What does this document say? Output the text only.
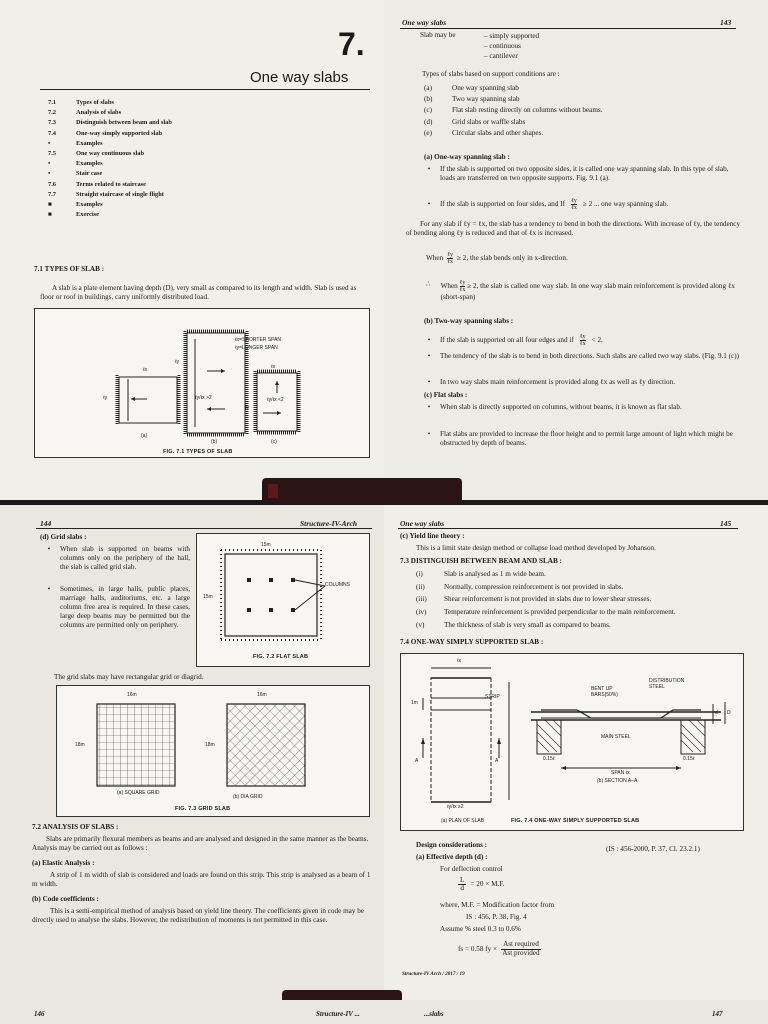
7.
One way slabs
7.1	Types of slabs
7.2	Analysis of slabs
7.3	Distinguish between beam and slab
7.4	One-way simply supported slab
•	Examples
7.5	One way continuous slab
•	Examples
•	Stair case
7.6	Terms related to staircase
7.7	Straight staircase of single flight
■	Examples
■	Exercise
7.1 TYPES OF SLAB :
A slab is a plate element having depth (D), very small as compared to its length and width. Slab is used as floor or roof in buildings, carry uniformly distributed load.
ℓx=SHORTER SPAN
ℓy=LONGER SPAN
ℓx
ℓy
ℓy
ℓy/ℓx >2
ℓx
ℓy/ℓx <2
ℓy
(a)
(b)	(c)
FIG. 7.1 TYPES OF SLAB
One way slabs	143
Slab may be	– simply supported
– continuous
– cantilever
Types of slabs based on support conditions are :
(a)	One way spanning slab
(b)	Two way spanning slab
(c)	Flat slab resting directly on columns without beams.
(d)	Grid slabs or waffle slabs
(e)	Circular slabs and other shapes.
(a) One-way spanning slab :
•	If the slab is supported on two opposite sides, it is called one way spanning slab. In this type of slab, loads are transferred on two opposite supports. Fig. 9.1 (a).
•	If the slab is supported on four sides, and If ℓy
ℓx ≥ 2 ... one way spanning slab.
For any slab if ℓy = ℓx, the slab has a tendency to bend in both the directions. With increase of ℓy, the tendency of bending along ℓy is reduced and that of ℓx is increased.
When ℓy
ℓx ≥ 2, the slab bends only in x-direction.
∴ When ℓy
ℓx ≥ 2, the slab is called one way slab. In one way slab main reinforcement is provided along ℓx (short-span)
(b) Two-way spanning slabs :
•	If the slab is supported on all four edges and if ℓy
ℓx < 2,
•	The tendency of the slab is to bend in both directions. Such slabs are called two way slabs. (Fig. 9.1 (c))
•	In two way slabs main reinforcement is provided along ℓx as well as ℓy direction.
(c) Flat slabs :
•	When slab is directly supported on columns, without beams, it is known as flat slab.
•	Flat slabs are provided to increase the floor height and to permit large amount of light which might be obstructed by depth of beams.
144	Structure-IV-Arch
(d) Grid slabs :
•	When slab is supported on beams with columns only on the periphery of the hall, the slab is called grid slab.
•	Sometimes, in large halls, public places, marriage halls, auditoriums, etc. a large column free area is required. In these cases, large deep beams may be permitted but the columns are permitted only on periphery.
15m
15m
COLUMNS
FIG. 7.2 FLAT SLAB
The grid slabs may have rectangular grid or diagrid.
16m	16m
18m	18m
(a) SQUARE GRID
(b) DIA GRID
FIG. 7.3 GRID SLAB
7.2 ANALYSIS OF SLABS :
Slabs are primarily flexural members as beams and are analysed and designed in the same manner as the beams. Analysis may be carried out as follows :
(a) Elastic Analysis :
A strip of 1 m width of slab is considered and loads are found on this strip. This strip is analysed as a beam of 1 m width.
(b) Code coefficients :
This is a semi-empirical method of analysis based on yield line theory. The coefficients given in code may be directly used to analyse the slabs. However, the redistribution of moments is not permitted in this case.
One way slabs	145
(c) Yield line theory :
This is a limit state design method or collapse load method developed by Johanson.
7.3 DISTINGUISH BETWEEN BEAM AND SLAB :
(i)	Slab is analysed as 1 m wide beam.
(ii)	Normally, compression reinforcement is not provided in slabs.
(iii)	Shear reinforcement is not provided in slabs due to lower shear stresses.
(iv)	Temperature reinforcement is provided perpendicular to the main reinforcement.
(v)	The thickness of slab is very small as compared to beams.
7.4 ONE-WAY SIMPLY SUPPORTED SLAB :
ℓx
1m
STRIP
A	A
ℓy/ℓx ≥2
(a) PLAN OF SLAB
BENT UP BARS(50%)
DISTRIBUTION STEEL
MAIN STEEL
0.15ℓ	0.15ℓ
SPAN ℓx
(b) SECTION A–A
d D
FIG. 7.4 ONE-WAY SIMPLY SUPPORTED SLAB
Design considerations :
(a) Effective depth (d) :
(IS : 456-2000, P. 37, Cl. 23.2.1)
For deflection control
$\frac{L}{d} = 20 \times M.F$.
where, M.F. = Modification factor from
IS : 456, P. 38, Fig. 4
Assume % steel 0.3 to 0.6%
fs = 0.58 fy ×
Ast required
Ast provided
Structure-IV Arch / 2017 / 19
146	Structure-IV ...	...slabs	147
